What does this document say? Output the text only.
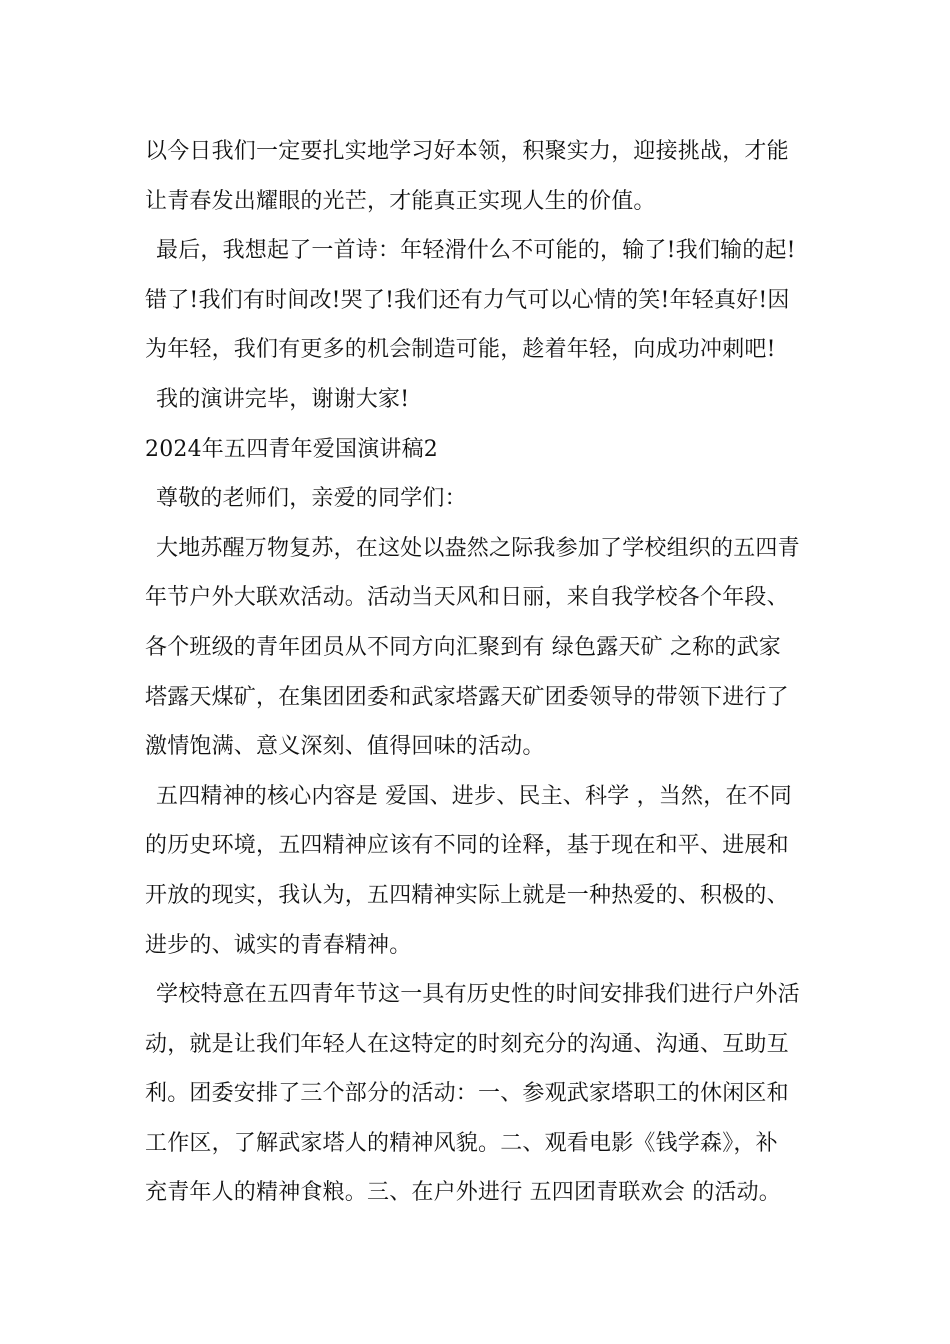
以今日我们一定要扎实地学习好本领，积聚实力，迎接挑战，才能
让青春发出耀眼的光芒，才能真正实现人生的价值。
最后，我想起了一首诗：年轻滑什么不可能的，输了!我们输的起!
错了!我们有时间改!哭了!我们还有力气可以心情的笑!年轻真好!因
为年轻，我们有更多的机会制造可能，趁着年轻，向成功冲刺吧!
我的演讲完毕，谢谢大家!
2024年五四青年爱国演讲稿2
尊敬的老师们，亲爱的同学们：
大地苏醒万物复苏，在这处以盎然之际我参加了学校组织的五四青
年节户外大联欢活动。活动当天风和日丽，来自我学校各个年段、
各个班级的青年团员从不同方向汇聚到有 绿色露天矿 之称的武家
塔露天煤矿，在集团团委和武家塔露天矿团委领导的带领下进行了
激情饱满、意义深刻、值得回味的活动。
五四精神的核心内容是 爱国、进步、民主、科学 ，当然，在不同
的历史环境，五四精神应该有不同的诠释，基于现在和平、进展和
开放的现实，我认为，五四精神实际上就是一种热爱的、积极的、
进步的、诚实的青春精神。
学校特意在五四青年节这一具有历史性的时间安排我们进行户外活
动，就是让我们年轻人在这特定的时刻充分的沟通、沟通、互助互
利。团委安排了三个部分的活动：一、参观武家塔职工的休闲区和
工作区，了解武家塔人的精神风貌。二、观看电影《钱学森》，补
充青年人的精神食粮。三、在户外进行 五四团青联欢会 的活动。
